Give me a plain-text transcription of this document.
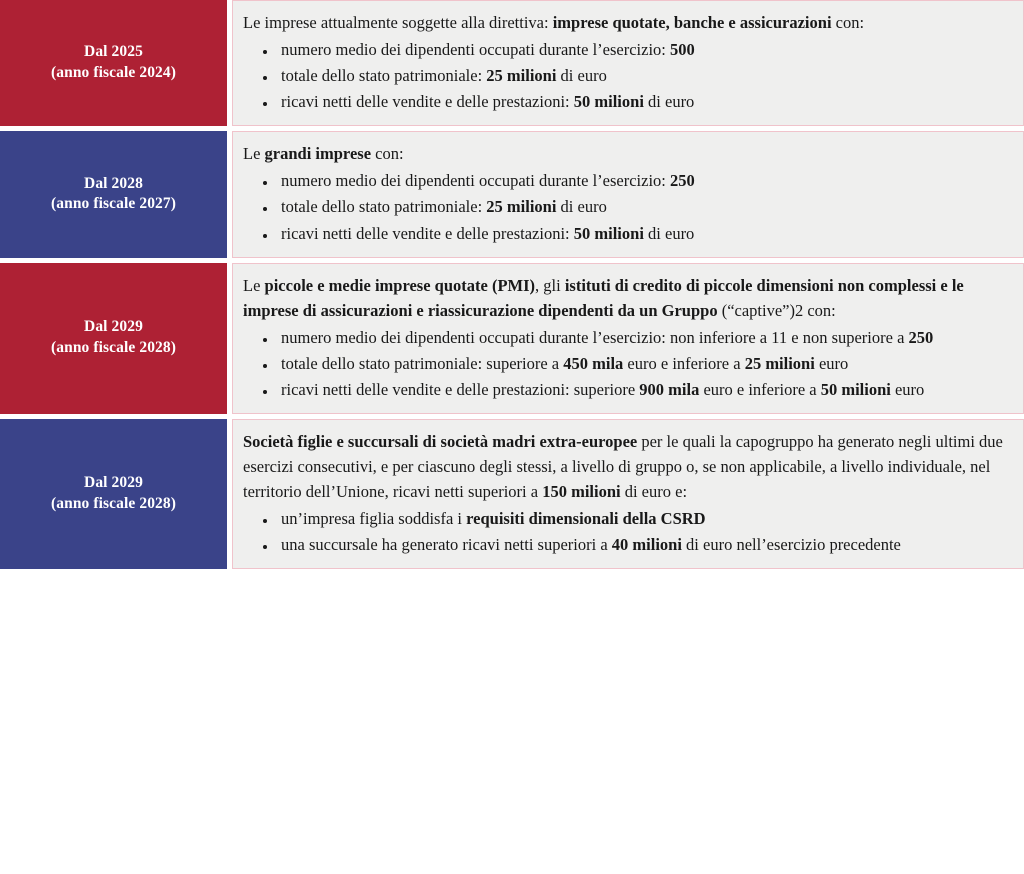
Dal 2025
(anno fiscale 2024)

Le imprese attualmente soggette alla direttiva: imprese quotate, banche e assicurazioni con:

• numero medio dei dipendenti occupati durante l’esercizio: 500
• totale dello stato patrimoniale: 25 milioni di euro
• ricavi netti delle vendite e delle prestazioni: 50 milioni di euro
Dal 2028
(anno fiscale 2027)

Le grandi imprese con:

• numero medio dei dipendenti occupati durante l’esercizio: 250
• totale dello stato patrimoniale: 25 milioni di euro
• ricavi netti delle vendite e delle prestazioni: 50 milioni di euro
Dal 2029
(anno fiscale 2028)

Le piccole e medie imprese quotate (PMI), gli istituti di credito di piccole dimensioni non complessi e le imprese di assicurazioni e riassicurazione dipendenti da un Gruppo (“captive”)2 con:

• numero medio dei dipendenti occupati durante l’esercizio: non inferiore a 11 e non superiore a 250
• totale dello stato patrimoniale: superiore a 450 mila euro e inferiore a 25 milioni euro
• ricavi netti delle vendite e delle prestazioni: superiore 900 mila euro e inferiore a 50 milioni euro
Dal 2029
(anno fiscale 2028)

Società figlie e succursali di società madri extra-europee per le quali la capogruppo ha generato negli ultimi due esercizi consecutivi, e per ciascuno degli stessi, a livello di gruppo o, se non applicabile, a livello individuale, nel territorio dell’Unione, ricavi netti superiori a 150 milioni di euro e:

• un’impresa figlia soddisfa i requisiti dimensionali della CSRD
• una succursale ha generato ricavi netti superiori a 40 milioni di euro nell’esercizio precedente
